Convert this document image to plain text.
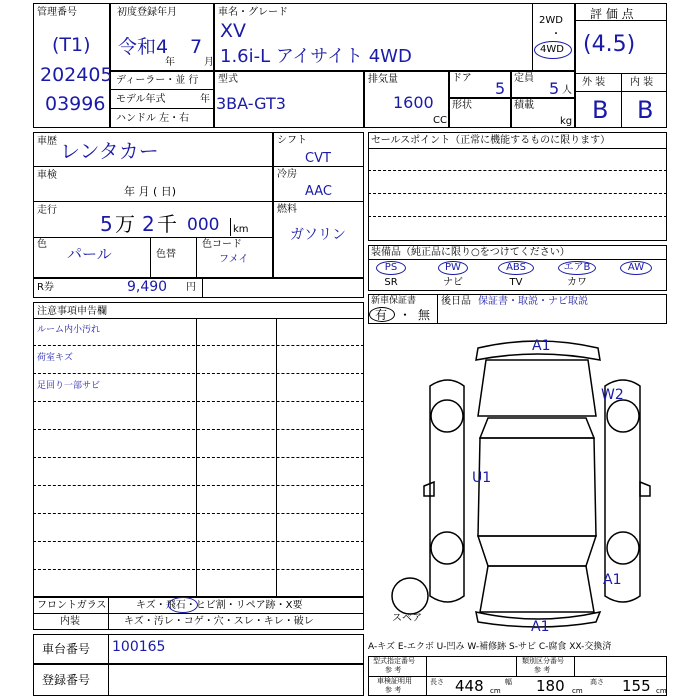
管理番号
(T1)
202405
03996
初度登録年月
令和4
年
7
月
車名・グレード
XV
1.6i-L アイサイト 4WD
2WD
・
4WD
評 価 点
(4.5)
外 装 内 装
B B
ディーラー・並 行
モデル年式	年
ハンドル 左・右
型式
3BA-GT3
排気量
1600
CC
ドア
5
定員
5 人
形状	積載
kg
車歴 レンタカー
車検
年 月 ( 日)
走行
5 万 2 千 000 km
色
パール	色替
色コード
フメイ
シフト
CVT
冷房
AAC
燃料
ガソリン
R券	9,490 円
注意事項申告欄
ルーム内小汚れ
荷室キズ
足回り一部サビ
フロントガラス	キズ・飛石・ヒビ割・リペア跡・X要
内装	キズ・汚レ・コゲ・穴・スレ・キレ・破レ
車台番号 100165
登録番号
セールスポイント（正常に機能するものに限ります）
装備品（純正品に限り○をつけてください）
PS	PW	ABS	エアB	AW
SR	ナビ	TV	カワ
新車保証書
有 ・ 無
後日品 保証書・取説・ナビ取説
A1
W2
U1
A1
A1
スペア
A-キズ E-エクボ U-凹み W-補修跡 S-サビ C-腐食 XX-交換済
型式指定番号
参 考
類別区分番号
参 考
車検証明用
参 考
長さ 448 cm
幅 180 cm
高さ 155 cm
